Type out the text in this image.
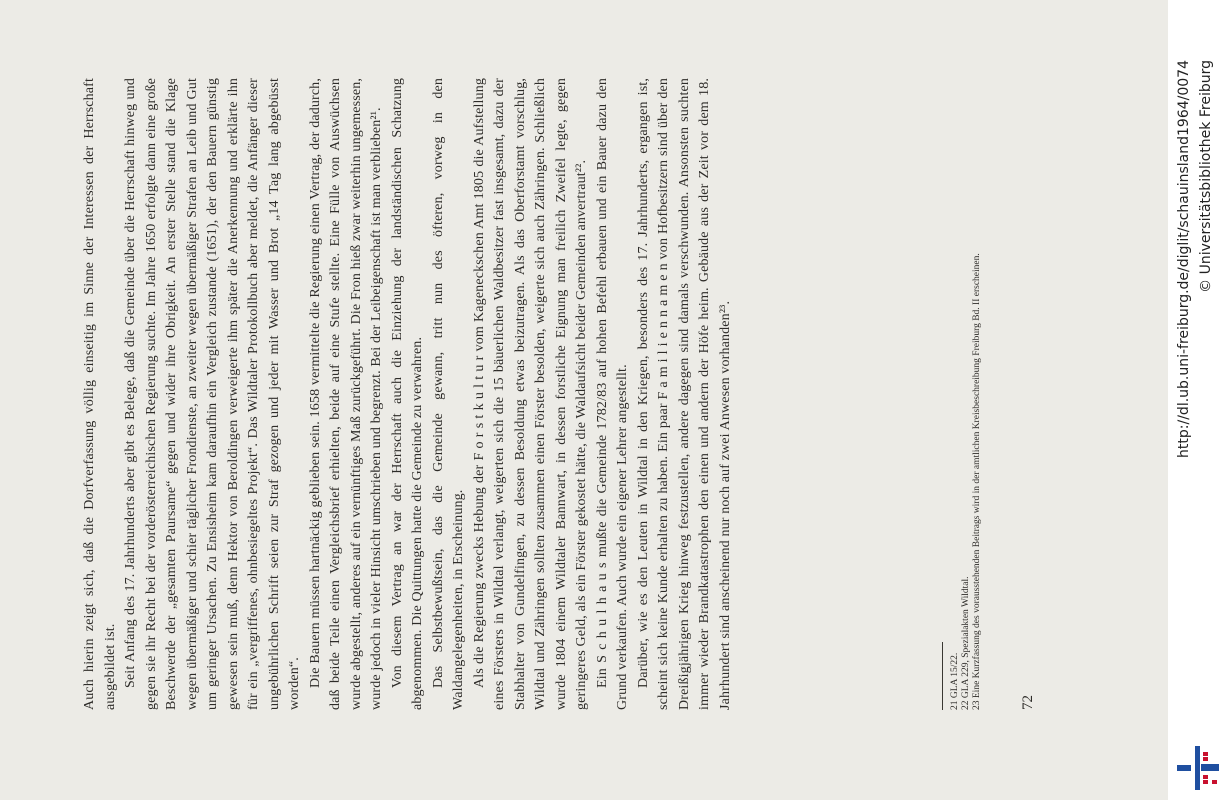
Auch hierin zeigt sich, daß die Dorfverfassung völlig einseitig im Sinne der Interessen der Herrschaft ausgebildet ist. Seit Anfang des 17. Jahrhunderts aber gibt es Belege, daß die Gemeinde über die Herrschaft hinweg und gegen sie ihr Recht bei der vorderösterreichischen Regierung suchte. Im Jahre 1650 erfolgte dann eine große Beschwerde der „gesamten Paursame“ gegen und wider ihre Obrigkeit. An erster Stelle stand die Klage wegen übermäßiger und schier täglicher Frondienste, an zweiter wegen übermäßiger Strafen an Leib und Gut um geringer Ursachen. Zu Ensisheim kam daraufhin ein Vergleich zustande (1651), der den Bauern günstig gewesen sein muß, denn Hektor von Beroldingen verweigerte ihm später die Anerkennung und erklärte ihn für ein „vergriffenes, ohnbesiegeltes Projekt“. Das Wildtaler Protokollbuch aber meldet, die Anfänger dieser ungebührlichen Schrift seien zur Straf gezogen und jeder mit Wasser und Brot „14 Tag lang abgebüsst worden“. Die Bauern müssen hartnäckig geblieben sein. 1658 vermittelte die Regierung einen Vertrag, der dadurch, daß beide Teile einen Vergleichsbrief erhielten, beide auf eine Stufe stellte. Eine Fülle von Auswüchsen wurde abgestellt, anderes auf ein vernünftiges Maß zurückgeführt. Die Fron hieß zwar weiterhin ungemessen, wurde jedoch in vieler Hinsicht umschrieben und begrenzt. Bei der Leibeigenschaft ist man verblieben²¹. Von diesem Vertrag an war der Herrschaft auch die Einziehung der landständischen Schatzung abgenommen. Die Quittungen hatte die Gemeinde zu verwahren. Das Selbstbewußtsein, das die Gemeinde gewann, tritt nun des öfteren, vorweg in den Waldangelegenheiten, in Erscheinung. Als die Regierung zwecks Hebung der F o r s t k u l t u r vom Kageneckschen Amt 1805 die Aufstellung eines Försters in Wildtal verlangt, weigerten sich die 15 bäuerlichen Waldbesitzer fast insgesamt, dazu der Stabhalter von Gundelfingen, zu dessen Besoldung etwas beizutragen. Als das Oberforstamt vorschlug, Wildtal und Zähringen sollten zusammen einen Förster besolden, weigerte sich auch Zähringen. Schließlich wurde 1804 einem Wildtaler Bannwart, in dessen forstliche Eignung man freilich Zweifel legte, gegen geringeres Geld, als ein Förster gekostet hätte, die Waldaufsicht beider Gemeinden anvertraut²². Ein S c h u l h a u s mußte die Gemeinde 1782/83 auf hohen Befehl erbauen und ein Bauer dazu den Grund verkaufen. Auch wurde ein eigener Lehrer angestellt. Darüber, wie es den Leuten in Wildtal in den Kriegen, besonders des 17. Jahrhunderts, ergangen ist, scheint sich keine Kunde erhalten zu haben. Ein paar F a m i l i e n n a m e n von Hofbesitzern sind über den Dreißigjährigen Krieg hinweg festzustellen, andere dagegen sind damals verschwunden. Ansonsten suchten immer wieder Brandkatastrophen den einen und andern der Höfe heim. Gebäude aus der Zeit vor dem 18. Jahrhundert sind anscheinend nur noch auf zwei Anwesen vorhanden²³.	21 GLA 15/22. 22 GLA 229, Spezialakten Wildtal. 23 Eine Kurzfassung des vorausstehenden Beitrags wird in der amtlichen Kreisbeschreibung Freiburg Bd. II erscheinen.	72
http://dl.ub.uni-freiburg.de/diglit/schauinsland1964/0074 © Universitätsbibliothek Freiburg
